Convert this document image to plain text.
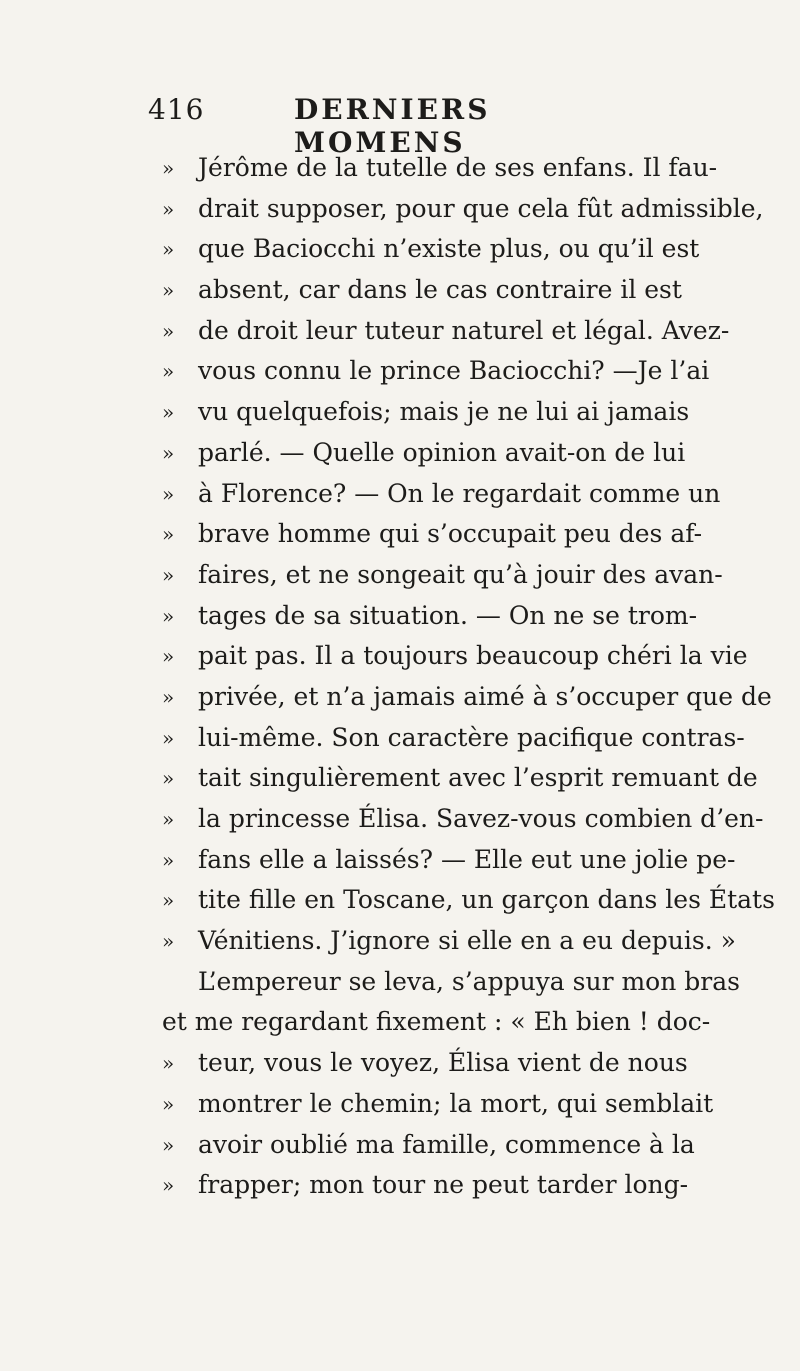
416	DERNIERS MOMENS
» Jérôme de la tutelle de ses enfans. Il fau-
» drait supposer, pour que cela fût admissible,
» que Baciocchi n’existe plus, ou qu’il est
» absent, car dans le cas contraire il est
» de droit leur tuteur naturel et légal. Avez-
» vous connu le prince Baciocchi? —Je l’ai
» vu quelquefois; mais je ne lui ai jamais
» parlé. — Quelle opinion avait-on de lui
» à Florence? — On le regardait comme un
» brave homme qui s’occupait peu des af-
» faires, et ne songeait qu’à jouir des avan-
» tages de sa situation. — On ne se trom-
» pait pas. Il a toujours beaucoup chéri la vie
» privée, et n’a jamais aimé à s’occuper que de
» lui-même. Son caractère pacifique contras-
» tait singulièrement avec l’esprit remuant de
» la princesse Élisa. Savez-vous combien d’en-
» fans elle a laissés? — Elle eut une jolie pe-
» tite fille en Toscane, un garçon dans les États
» Vénitiens. J’ignore si elle en a eu depuis. »
L’empereur se leva, s’appuya sur mon bras
et me regardant fixement : « Eh bien ! doc-
» teur, vous le voyez, Élisa vient de nous
» montrer le chemin; la mort, qui semblait
» avoir oublié ma famille, commence à la
» frapper; mon tour ne peut tarder long-
